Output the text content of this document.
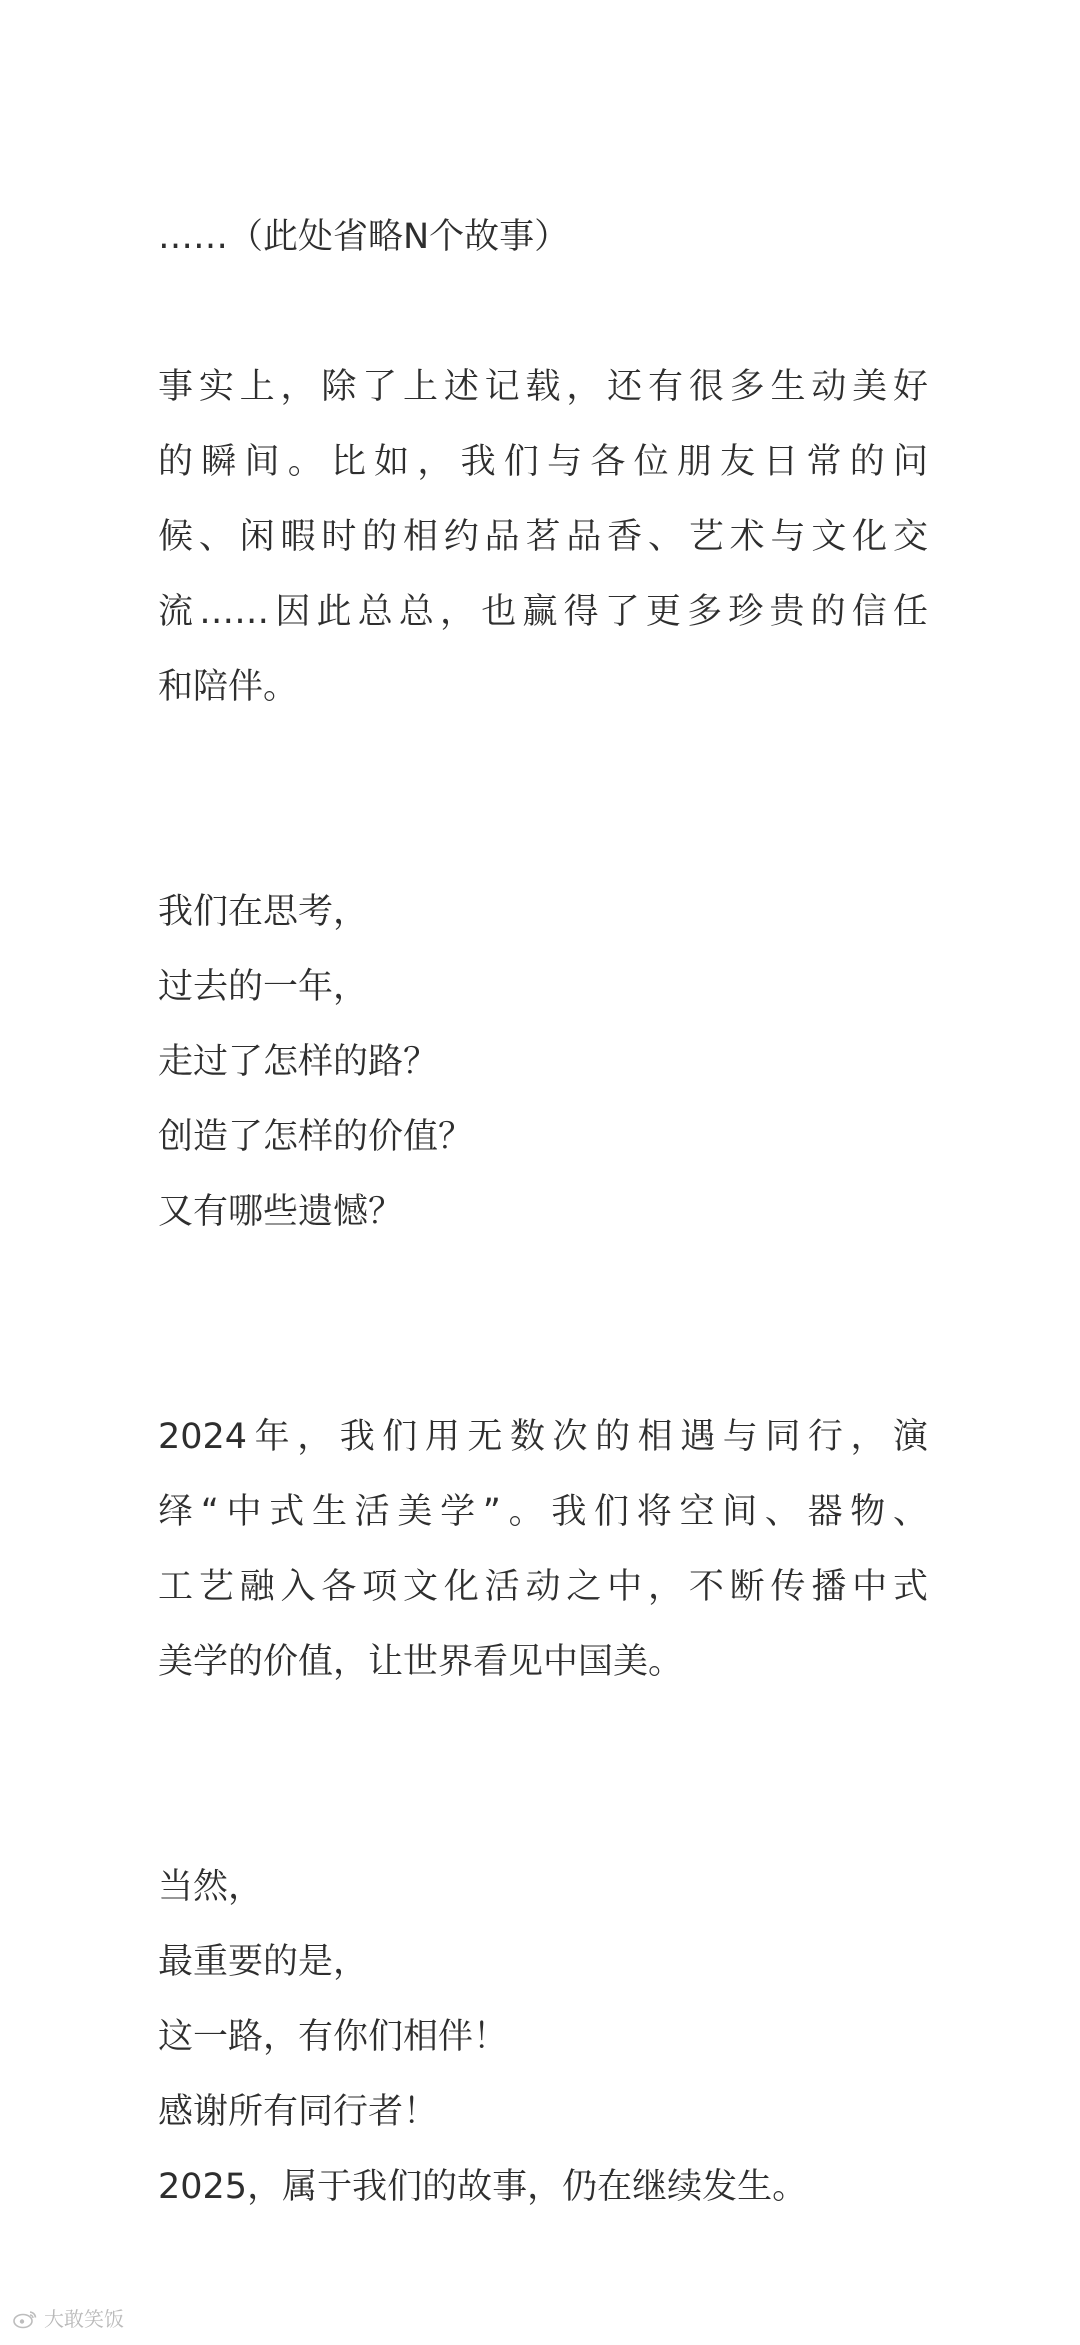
……（此处省略N个故事）

事实上，除了上述记载，还有很多生动美好
的瞬间。比如，我们与各位朋友日常的问
候、闲暇时的相约品茗品香、艺术与文化交
流……因此总总，也赢得了更多珍贵的信任
和陪伴。

我们在思考，
过去的一年，
走过了怎样的路？
创造了怎样的价值？
又有哪些遗憾？

2024年，我们用无数次的相遇与同行，演
绎“中式生活美学”。我们将空间、器物、
工艺融入各项文化活动之中，不断传播中式
美学的价值，让世界看见中国美。

当然，
最重要的是，
这一路，有你们相伴！
感谢所有同行者！
2025，属于我们的故事，仍在继续发生。

大敢笑饭
